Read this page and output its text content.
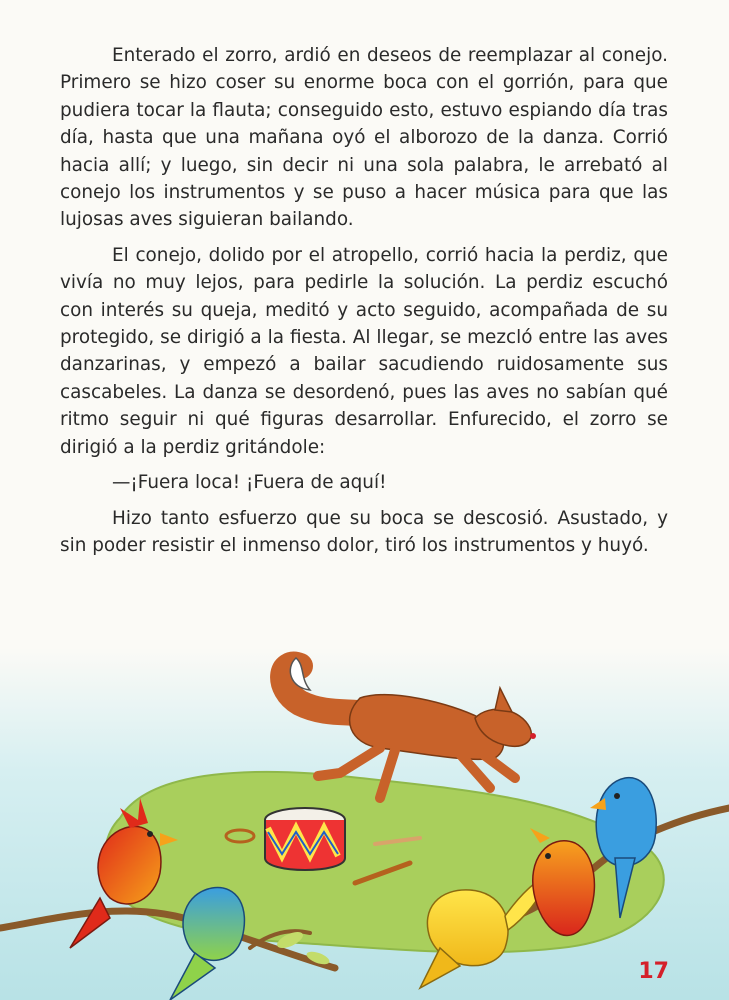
Enterado el zorro, ardió en deseos de reemplazar al conejo. Primero se hizo coser su enorme boca con el gorrión, para que pudiera tocar la flauta; conseguido esto, estuvo espiando día tras día, hasta que una mañana oyó el alborozo de la danza. Corrió hacia allí; y luego, sin decir ni una sola palabra, le arrebató al conejo los instrumentos y se puso a hacer música para que las lujosas aves siguieran bailando.

El conejo, dolido por el atropello, corrió hacia la perdiz, que vivía no muy lejos, para pedirle la solución. La perdiz escuchó con interés su queja, meditó y acto seguido, acompañada de su protegido, se dirigió a la fiesta. Al llegar, se mezcló entre las aves danzarinas, y empezó a bailar sacudiendo ruidosamente sus cascabeles. La danza se desordenó, pues las aves no sabían qué ritmo seguir ni qué figuras desarrollar. Enfurecido, el zorro se dirigió a la perdiz gritándole:

—¡Fuera loca! ¡Fuera de aquí!

Hizo tanto esfuerzo que su boca se descosió. Asustado, y sin poder resistir el inmenso dolor, tiró los instrumentos y huyó.

17
